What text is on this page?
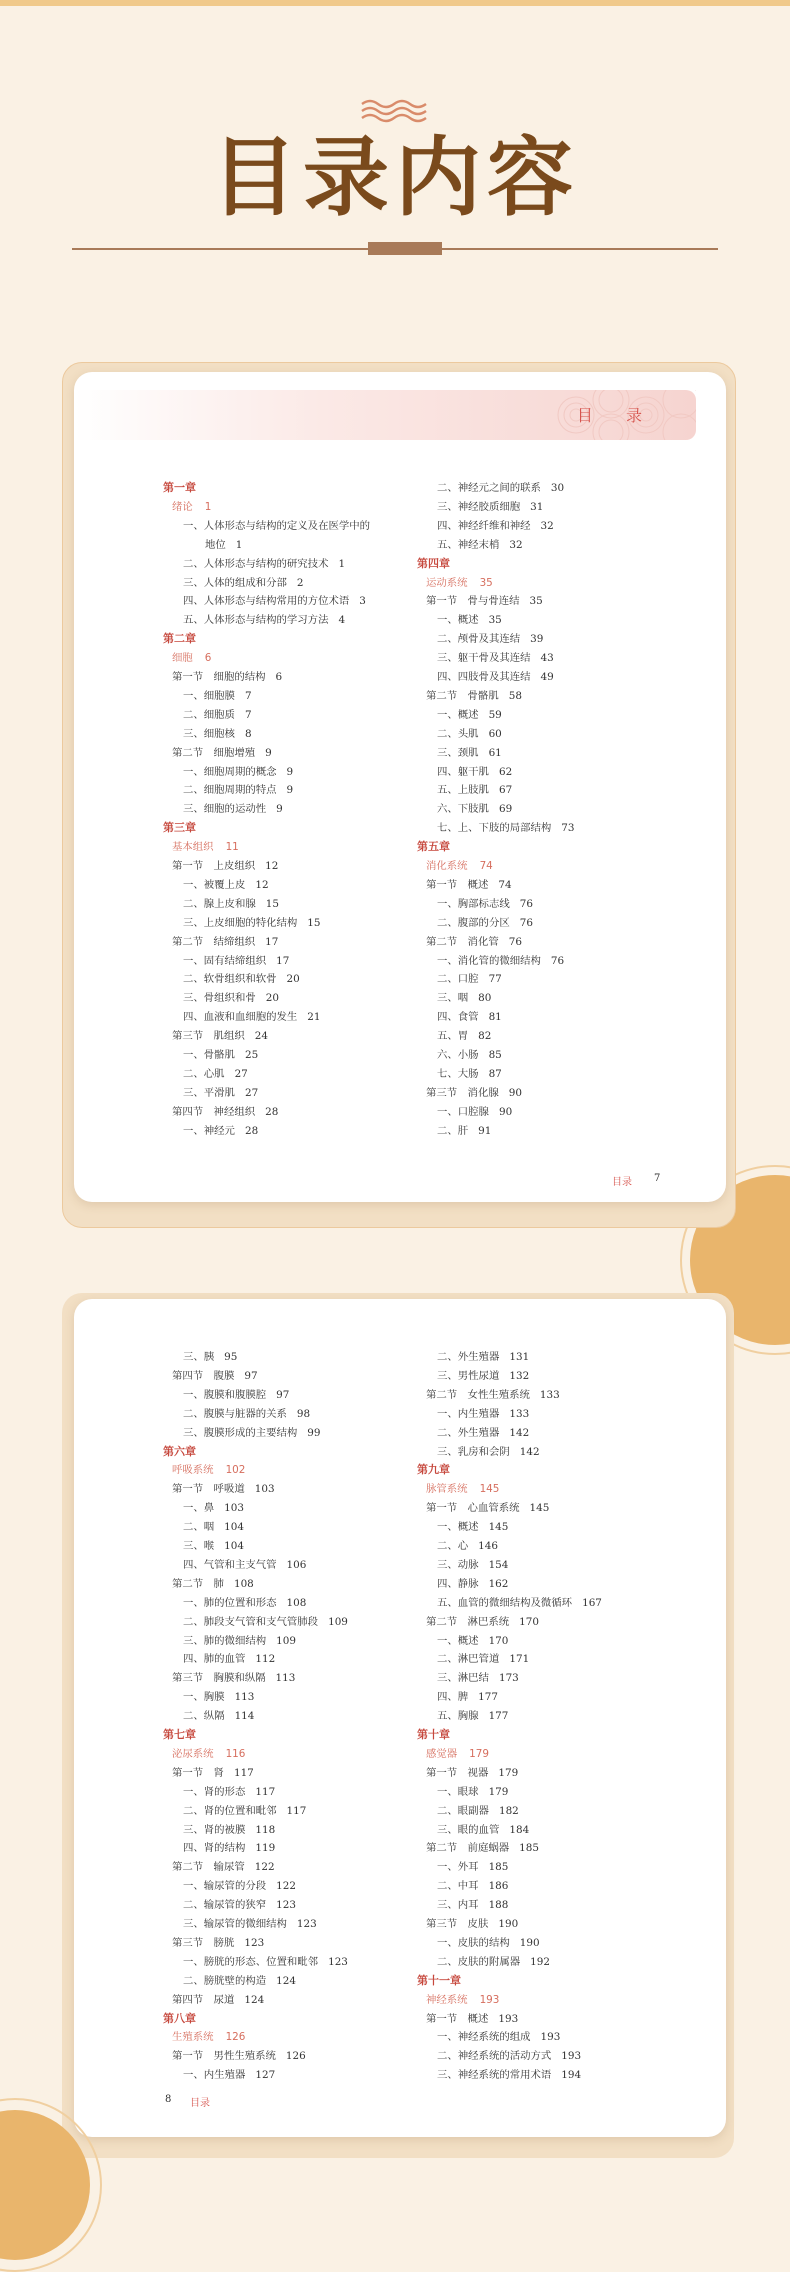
目录内容
目 录
第一章
绪论 1
一、人体形态与结构的定义及在医学中的
地位 1
二、人体形态与结构的研究技术 1
三、人体的组成和分部 2
四、人体形态与结构常用的方位术语 3
五、人体形态与结构的学习方法 4
第二章
细胞 6
第一节　细胞的结构 6
一、细胞膜 7
二、细胞质 7
三、细胞核 8
第二节　细胞增殖 9
一、细胞周期的概念 9
二、细胞周期的特点 9
三、细胞的运动性 9
第三章
基本组织 11
第一节　上皮组织 12
一、被覆上皮 12
二、腺上皮和腺 15
三、上皮细胞的特化结构 15
第二节　结缔组织 17
一、固有结缔组织 17
二、软骨组织和软骨 20
三、骨组织和骨 20
四、血液和血细胞的发生 21
第三节　肌组织 24
一、骨骼肌 25
二、心肌 27
三、平滑肌 27
第四节　神经组织 28
一、神经元 28
二、神经元之间的联系 30
三、神经胶质细胞 31
四、神经纤维和神经 32
五、神经末梢 32
第四章
运动系统 35
第一节　骨与骨连结 35
一、概述 35
二、颅骨及其连结 39
三、躯干骨及其连结 43
四、四肢骨及其连结 49
第二节　骨骼肌 58
一、概述 59
二、头肌 60
三、颈肌 61
四、躯干肌 62
五、上肢肌 67
六、下肢肌 69
七、上、下肢的局部结构 73
第五章
消化系统 74
第一节　概述 74
一、胸部标志线 76
二、腹部的分区 76
第二节　消化管 76
一、消化管的微细结构 76
二、口腔 77
三、咽 80
四、食管 81
五、胃 82
六、小肠 85
七、大肠 87
第三节　消化腺 90
一、口腔腺 90
二、肝 91
目录 7
三、胰 95
第四节　腹膜 97
一、腹膜和腹膜腔 97
二、腹膜与脏器的关系 98
三、腹膜形成的主要结构 99
第六章
呼吸系统 102
第一节　呼吸道 103
一、鼻 103
二、咽 104
三、喉 104
四、气管和主支气管 106
第二节　肺 108
一、肺的位置和形态 108
二、肺段支气管和支气管肺段 109
三、肺的微细结构 109
四、肺的血管 112
第三节　胸膜和纵隔 113
一、胸膜 113
二、纵隔 114
第七章
泌尿系统 116
第一节　肾 117
一、肾的形态 117
二、肾的位置和毗邻 117
三、肾的被膜 118
四、肾的结构 119
第二节　输尿管 122
一、输尿管的分段 122
二、输尿管的狭窄 123
三、输尿管的微细结构 123
第三节　膀胱 123
一、膀胱的形态、位置和毗邻 123
二、膀胱壁的构造 124
第四节　尿道 124
第八章
生殖系统 126
第一节　男性生殖系统 126
一、内生殖器 127
二、外生殖器 131
三、男性尿道 132
第二节　女性生殖系统 133
一、内生殖器 133
二、外生殖器 142
三、乳房和会阴 142
第九章
脉管系统 145
第一节　心血管系统 145
一、概述 145
二、心 146
三、动脉 154
四、静脉 162
五、血管的微细结构及微循环 167
第二节　淋巴系统 170
一、概述 170
二、淋巴管道 171
三、淋巴结 173
四、脾 177
五、胸腺 177
第十章
感觉器 179
第一节　视器 179
一、眼球 179
二、眼副器 182
三、眼的血管 184
第二节　前庭蜗器 185
一、外耳 185
二、中耳 186
三、内耳 188
第三节　皮肤 190
一、皮肤的结构 190
二、皮肤的附属器 192
第十一章
神经系统 193
第一节　概述 193
一、神经系统的组成 193
二、神经系统的活动方式 193
三、神经系统的常用术语 194
8 目录
